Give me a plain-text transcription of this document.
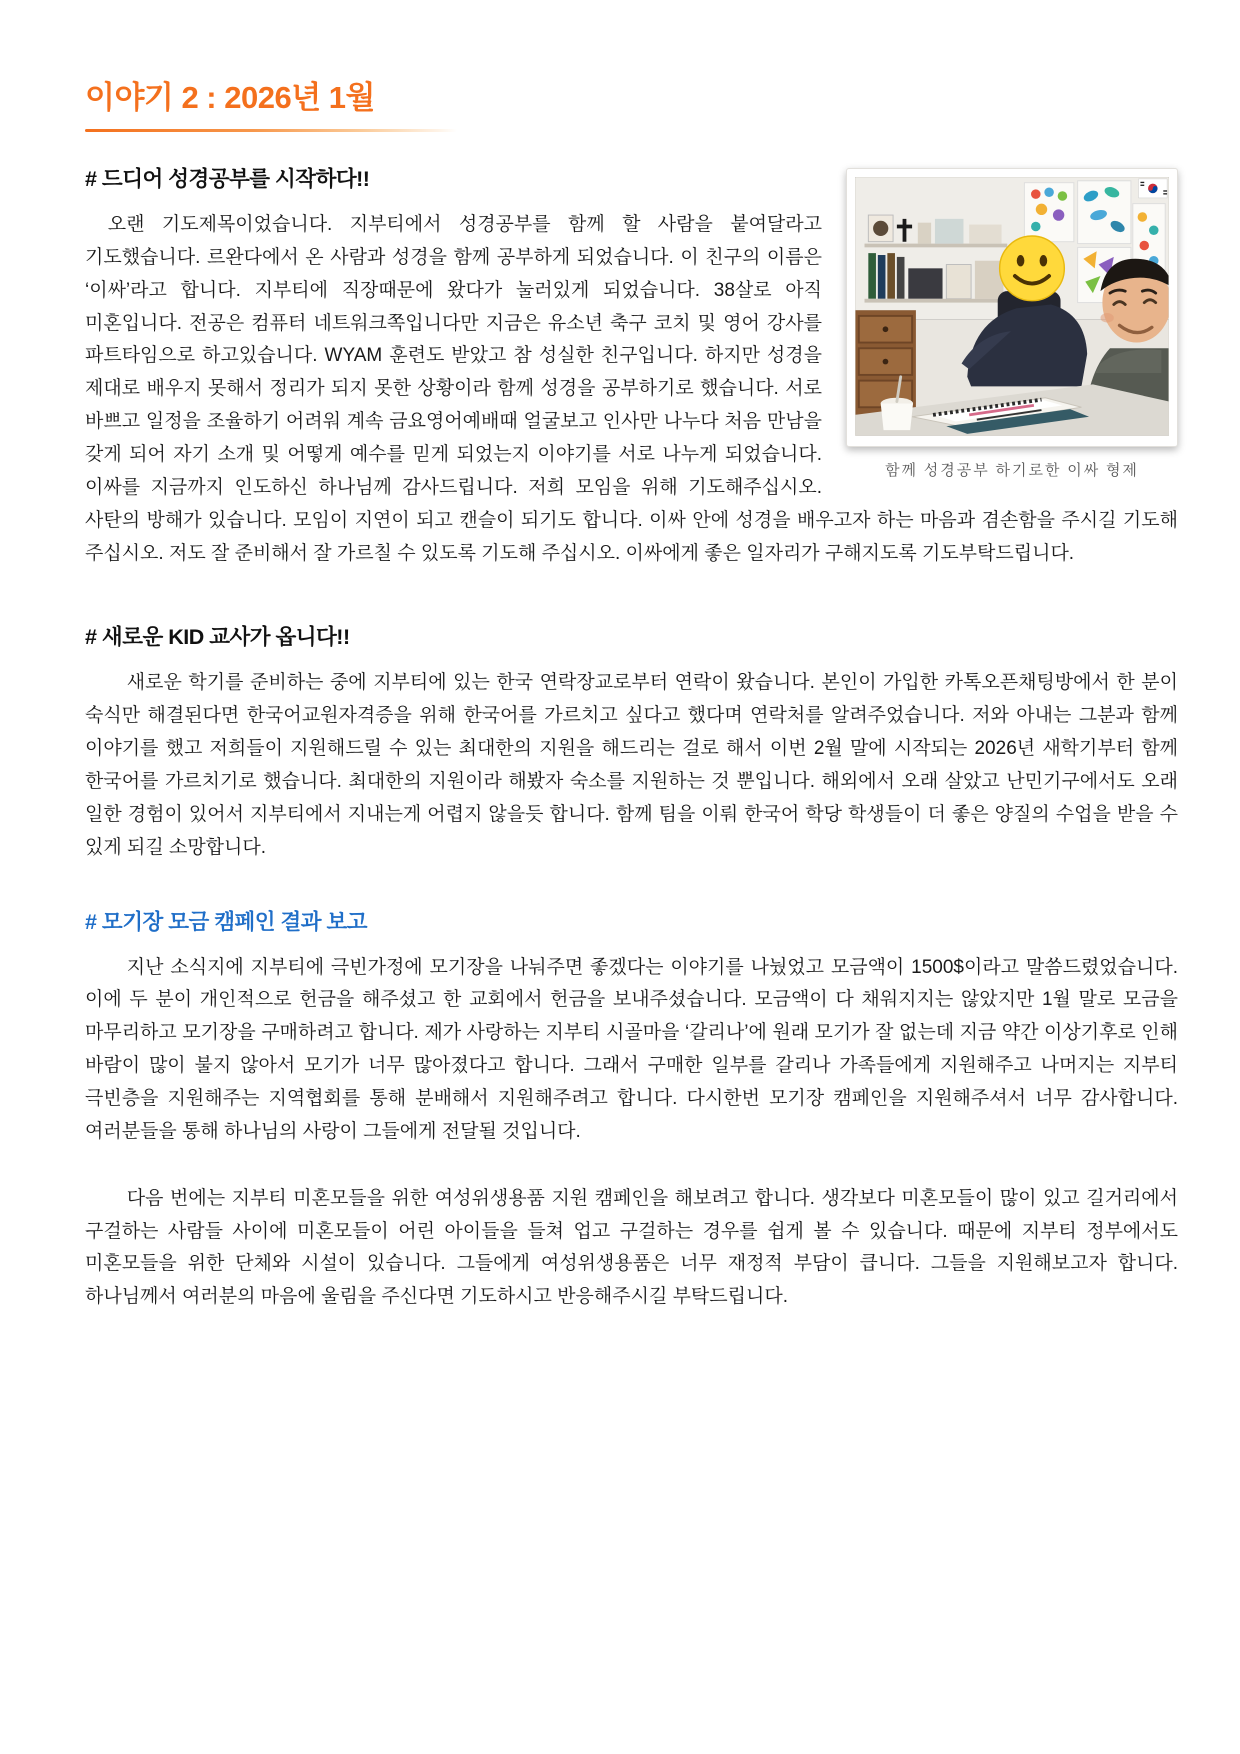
이야기 2 : 2026년 1월
함께 성경공부 하기로한 이싸 형제
# 드디어 성경공부를 시작하다!!

오랜 기도제목이었습니다. 지부티에서 성경공부를 함께 할 사람을 붙여달라고 기도했습니다. 르완다에서 온 사람과 성경을 함께 공부하게 되었습니다. 이 친구의 이름은 ‘이싸’라고 합니다. 지부티에 직장때문에 왔다가 눌러있게 되었습니다. 38살로 아직 미혼입니다. 전공은 컴퓨터 네트워크쪽입니다만 지금은 유소년 축구 코치 및 영어 강사를 파트타임으로 하고있습니다. WYAM 훈련도 받았고 참 성실한 친구입니다. 하지만 성경을 제대로 배우지 못해서 정리가 되지 못한 상황이라 함께 성경을 공부하기로 했습니다. 서로 바쁘고 일정을 조율하기 어려워 계속 금요영어예배때 얼굴보고 인사만 나누다 처음 만남을 갖게 되어 자기 소개 및 어떻게 예수를 믿게 되었는지 이야기를 서로 나누게 되었습니다. 이싸를 지금까지 인도하신 하나님께 감사드립니다. 저희 모임을 위해 기도해주십시오. 사탄의 방해가 있습니다. 모임이 지연이 되고 캔슬이 되기도 합니다. 이싸 안에 성경을 배우고자 하는 마음과 겸손함을 주시길 기도해 주십시오. 저도 잘 준비해서 잘 가르칠 수 있도록 기도해 주십시오. 이싸에게 좋은 일자리가 구해지도록 기도부탁드립니다.

# 새로운 KID 교사가 옵니다!!

새로운 학기를 준비하는 중에 지부티에 있는 한국 연락장교로부터 연락이 왔습니다. 본인이 가입한 카톡오픈채팅방에서 한 분이 숙식만 해결된다면 한국어교원자격증을 위해 한국어를 가르치고 싶다고 했다며 연락처를 알려주었습니다. 저와 아내는 그분과 함께 이야기를 했고 저희들이 지원해드릴 수 있는 최대한의 지원을 해드리는 걸로 해서 이번 2월 말에 시작되는 2026년 새학기부터 함께 한국어를 가르치기로 했습니다. 최대한의 지원이라 해봤자 숙소를 지원하는 것 뿐입니다. 해외에서 오래 살았고 난민기구에서도 오래 일한 경험이 있어서 지부티에서 지내는게 어렵지 않을듯 합니다. 함께 팀을 이뤄 한국어 학당 학생들이 더 좋은 양질의 수업을 받을 수 있게 되길 소망합니다.

# 모기장 모금 캠페인 결과 보고

지난 소식지에 지부티에 극빈가정에 모기장을 나눠주면 좋겠다는 이야기를 나눴었고 모금액이 1500$이라고 말씀드렸었습니다. 이에 두 분이 개인적으로 헌금을 해주셨고 한 교회에서 헌금을 보내주셨습니다. 모금액이 다 채워지지는 않았지만 1월 말로 모금을 마무리하고 모기장을 구매하려고 합니다. 제가 사랑하는 지부티 시골마을 ‘갈리나’에 원래 모기가 잘 없는데 지금 약간 이상기후로 인해 바람이 많이 불지 않아서 모기가 너무 많아졌다고 합니다. 그래서 구매한 일부를 갈리나 가족들에게 지원해주고 나머지는 지부티 극빈층을 지원해주는 지역협회를 통해 분배해서 지원해주려고 합니다. 다시한번 모기장 캠페인을 지원해주셔서 너무 감사합니다. 여러분들을 통해 하나님의 사랑이 그들에게 전달될 것입니다.

다음 번에는 지부티 미혼모들을 위한 여성위생용품 지원 캠페인을 해보려고 합니다. 생각보다 미혼모들이 많이 있고 길거리에서 구걸하는 사람들 사이에 미혼모들이 어린 아이들을 들쳐 업고 구걸하는 경우를 쉽게 볼 수 있습니다. 때문에 지부티 정부에서도 미혼모들을 위한 단체와 시설이 있습니다. 그들에게 여성위생용품은 너무 재정적 부담이 큽니다. 그들을 지원해보고자 합니다. 하나님께서 여러분의 마음에 울림을 주신다면 기도하시고 반응해주시길 부탁드립니다.
